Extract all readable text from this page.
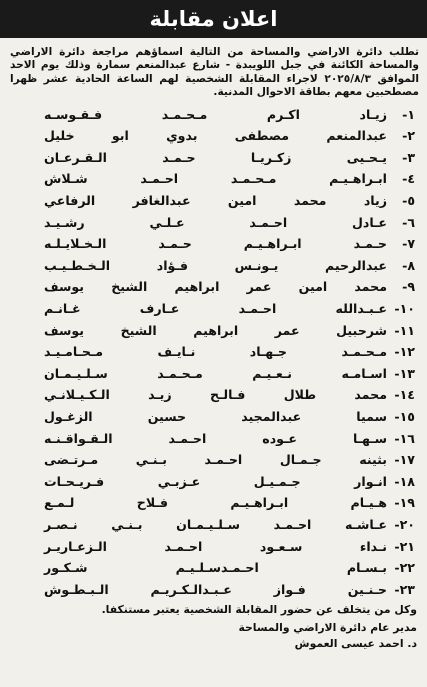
اعلان مقابلة

تطلب دائرة الاراضي والمساحة من التالية اسماؤهم مراجعة دائرة الاراضي والمساحة الكائنة في جبل اللويبدة - شارع عبدالمنعم سمارة وذلك يوم الاحد الموافق ٢٠٢٥/٨/٣ لاجراء المقابلة الشخصية لهم الساعة الحادية عشر ظهرا مصطحبين معهم بطاقة الاحوال المدنية.

١-
زيـاد اكـرم مـحـمـد فـقـوسـه
٢-
عبدالمنعم مصطفى بدوي ابو خليل
٣-
يـحـيى زكـريـا حـمـد الـقـرعـان
٤-
ابـراهـيـم مـحـمـد احـمـد شـلاش
٥-
زياد محمد امين عبدالغافر الرفاعي
٦-
عـادل احـمـد عـلـي رشـيـد
٧-
حـمـد ابـراهـيـم حـمـد الـخـلايـلـه
٨-
عبدالرحيم يـونـس فـؤاد الـخـطـيـب
٩-
محمد امين عمر ابراهيم الشيخ يوسف
١٠-
عـبـدالله احـمـد عـارف غـانـم
١١-
شرحبيل عمر ابراهيم الشيخ يوسف
١٢-
مـحـمـد جـهـاد نـايـف مـحـامـيـد
١٣-
اسـامـه نـعـيـم مـحـمـد سـلـيـمـان
١٤-
محمد طلال فـالـح زيـد الـكـيـلانـي
١٥-
سميا عبدالمجيد حسين الزغـول
١٦-
سـهـا عـوده احـمـد الـقـواقـنـه
١٧-
بثينه جـمـال احـمـد بـنـي مـرتـضى
١٨-
انـوار جـمـيـل عـزبـي فـريـحـات
١٩-
هـيـام ابـراهـيـم فـلاح لـمـع
٢٠-
عـاشـه احـمـد سـلـيـمـان بـنـي نـصـر
٢١-
نـداء سـعـود احـمـد الـزعـاريـر
٢٢-
بـسـام احـمـدسـلـيـم شـكـور
٢٣-
حـنـين فـواز عـبـدالـكـريـم الـبـطـوش
وكل من يتخلف عن حضور المقابلة الشخصية يعتبر مستنكفا.
مدير عام دائرة الاراضي والمساحة
د. احمد عيسى العموش
